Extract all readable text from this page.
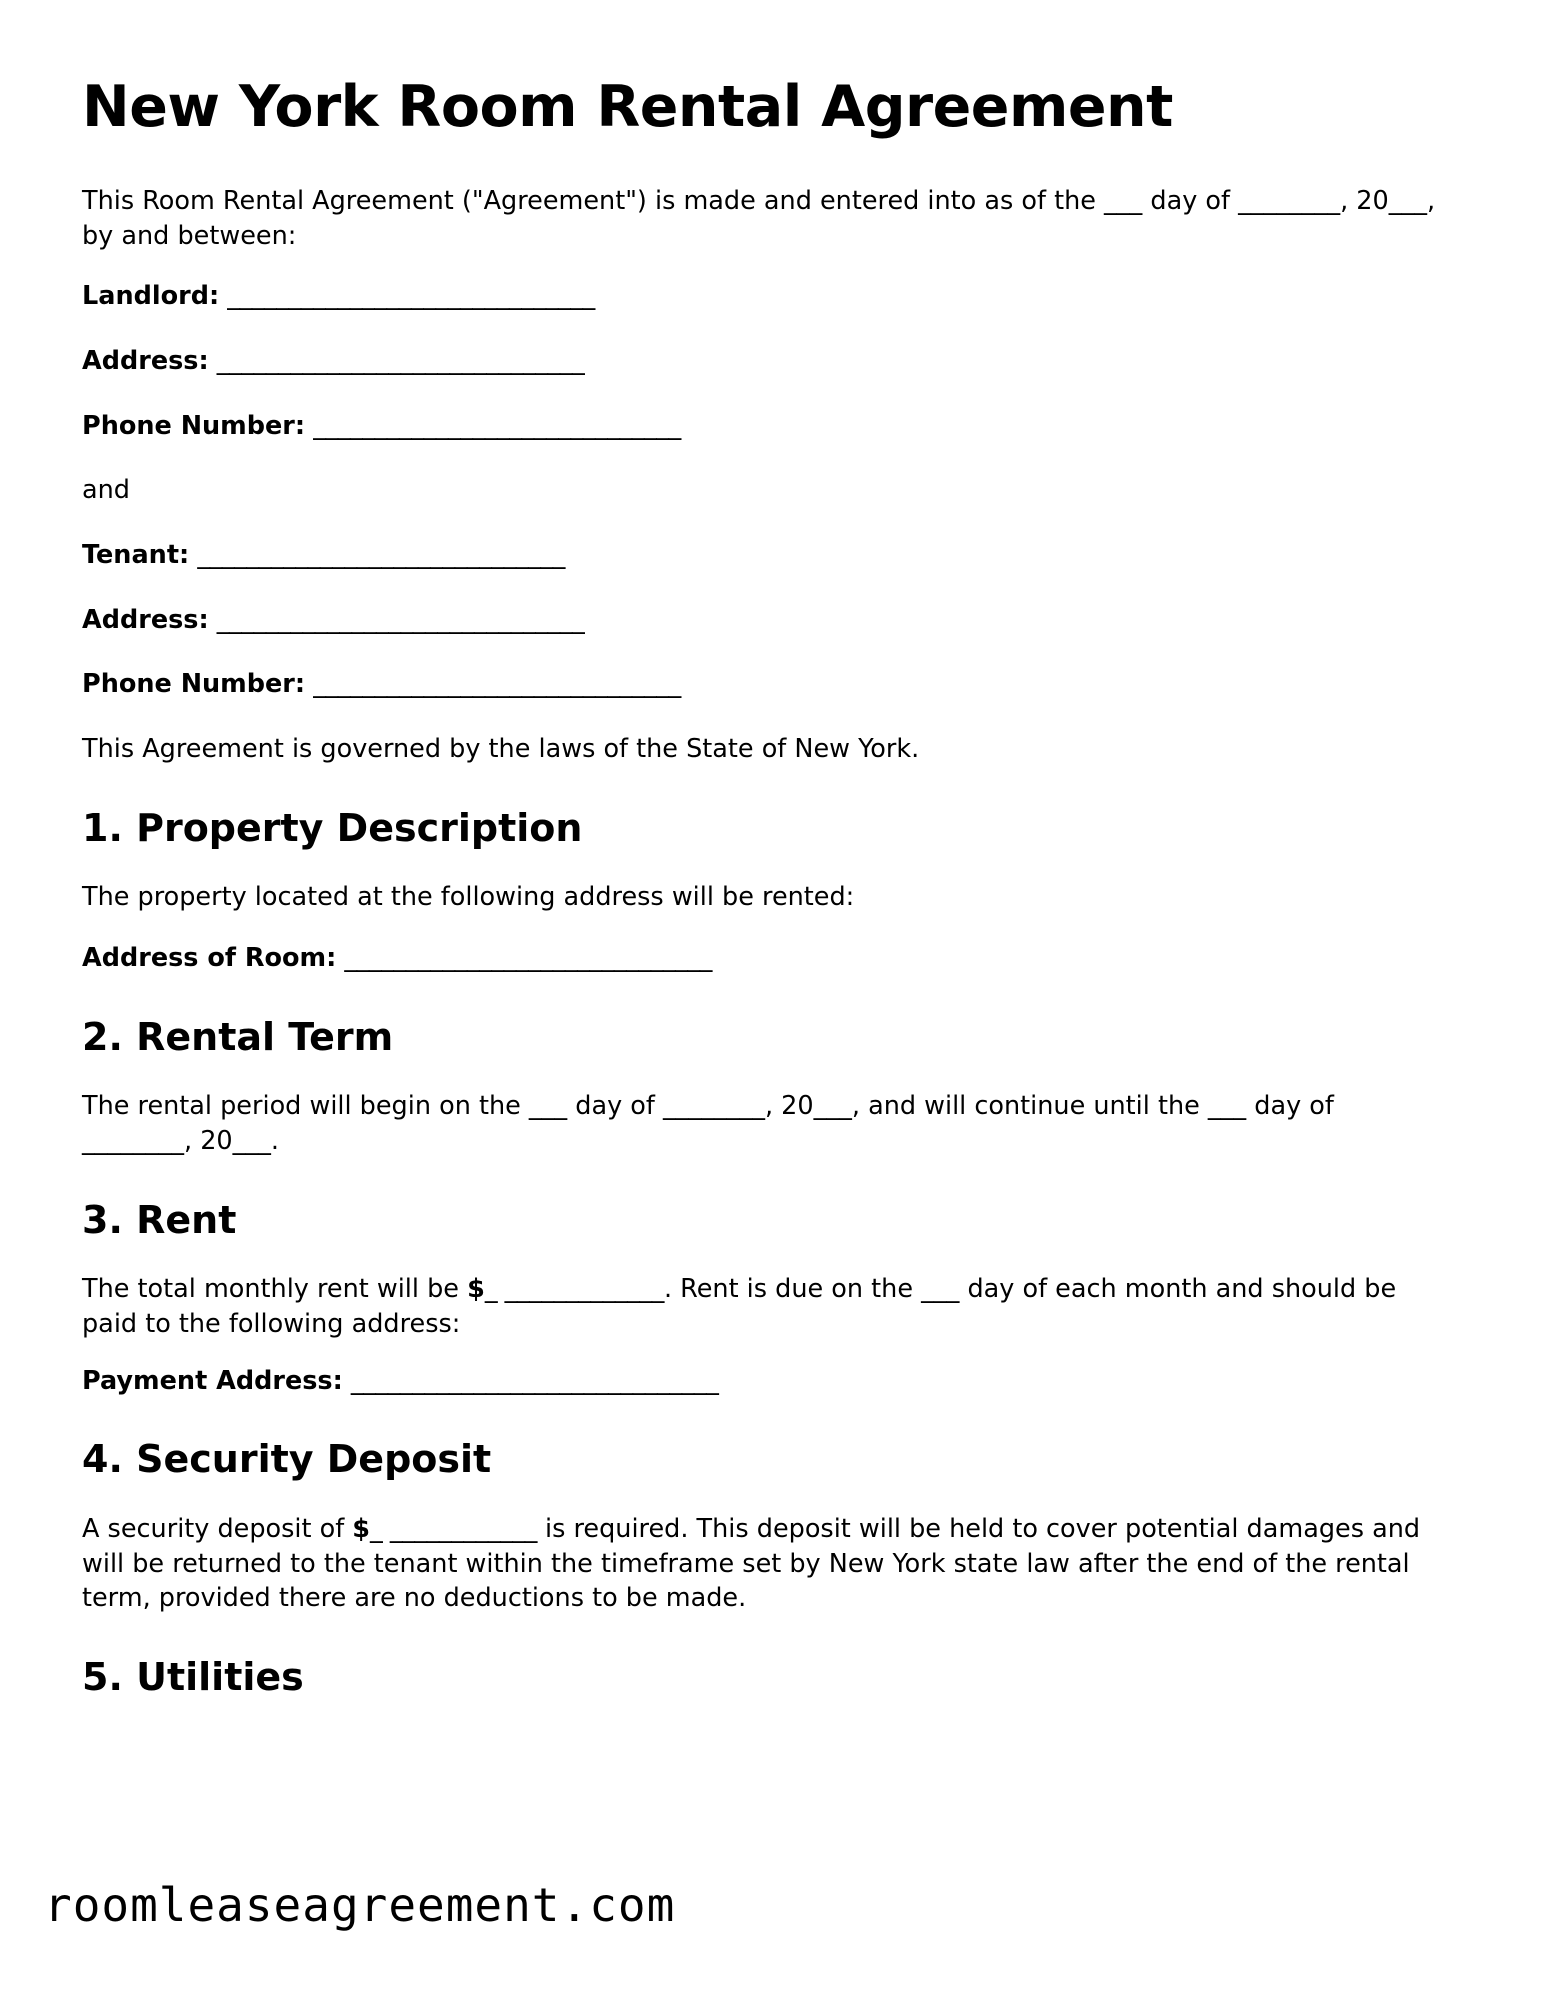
New York Room Rental Agreement

This Room Rental Agreement ("Agreement") is made and entered into as of the ___ day of ________, 20___, by and between:

Landlord: ______________________________
Address: ______________________________
Phone Number: ______________________________
and
Tenant: ______________________________
Address: ______________________________
Phone Number: ______________________________

This Agreement is governed by the laws of the State of New York.

1. Property Description

The property located at the following address will be rented:

Address of Room: ______________________________
2. Rental Term

The rental period will begin on the ___ day of ________, 20___, and will continue until the ___ day of ________, 20___.

3. Rent

The total monthly rent will be $_ _____________. Rent is due on the ___ day of each month and should be paid to the following address:

Payment Address: ______________________________
4. Security Deposit

A security deposit of $_ ____________ is required. This deposit will be held to cover potential damages and will be returned to the tenant within the timeframe set by New York state law after the end of the rental term, provided there are no deductions to be made.

5. Utilities
roomleaseagreement.com
